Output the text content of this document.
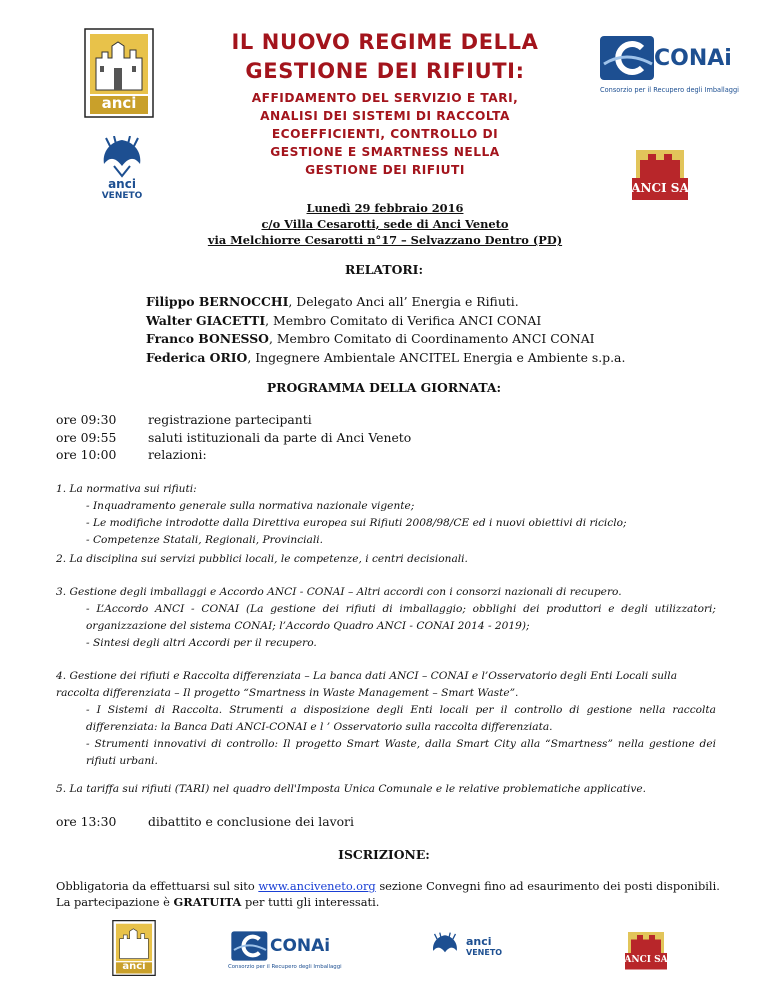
anci
anci
VENETO
CONAi
Consorzio per il Recupero degli Imballaggi
ANCI SA
IL NUOVO REGIME DELLA
GESTIONE DEI RIFIUTI:
AFFIDAMENTO DEL SERVIZIO E TARI,
ANALISI DEI SISTEMI DI RACCOLTA
ECOEFFICIENTI, CONTROLLO DI
GESTIONE E SMARTNESS NELLA
GESTIONE DEI RIFIUTI
Lunedì 29 febbraio 2016
c/o Villa Cesarotti, sede di Anci Veneto
via Melchiorre Cesarotti n°17 – Selvazzano Dentro (PD)
RELATORI:
Filippo BERNOCCHI, Delegato Anci all’ Energia e Rifiuti.
Walter GIACETTI, Membro Comitato di Verifica ANCI CONAI
Franco BONESSO, Membro Comitato di Coordinamento ANCI CONAI
Federica ORIO, Ingegnere Ambientale ANCITEL Energia e Ambiente s.p.a.
PROGRAMMA DELLA GIORNATA:
ore 09:30	registrazione partecipanti
ore 09:55	saluti istituzionali da parte di Anci Veneto
ore 10:00	relazioni:
1. La normativa sui rifiuti:
- Inquadramento generale sulla normativa nazionale vigente;
- Le modifiche introdotte dalla Direttiva europea sui Rifiuti 2008/98/CE ed i nuovi obiettivi di riciclo;
- Competenze Statali, Regionali, Provinciali.
2. La disciplina sui servizi pubblici locali, le competenze, i centri decisionali.
3. Gestione degli imballaggi e Accordo ANCI - CONAI – Altri accordi con i consorzi nazionali di recupero.
- L’Accordo ANCI - CONAI (La gestione dei rifiuti di imballaggio; obblighi dei produttori e degli utilizzatori; organizzazione del sistema CONAI; l’Accordo Quadro ANCI - CONAI 2014 - 2019);
- Sintesi degli altri Accordi per il recupero.
4. Gestione dei rifiuti e Raccolta differenziata – La banca dati ANCI – CONAI e l’Osservatorio degli Enti Locali sulla raccolta differenziata – Il progetto “Smartness in Waste Management – Smart Waste”.
- I Sistemi di Raccolta. Strumenti a disposizione degli Enti locali per il controllo di gestione nella raccolta differenziata: la Banca Dati ANCI-CONAI e l ’ Osservatorio sulla raccolta differenziata.
- Strumenti innovativi di controllo: Il progetto Smart Waste, dalla Smart City alla “Smartness” nella gestione dei rifiuti urbani.
5. La tariffa sui rifiuti (TARI) nel quadro dell'Imposta Unica Comunale e le relative problematiche applicative.
ore 13:30	dibattito e conclusione dei lavori
ISCRIZIONE:
Obbligatoria da effettuarsi sul sito www.anciveneto.org sezione Convegni fino ad esaurimento dei posti disponibili.
La partecipazione è GRATUITA per tutti gli interessati.
anci
CONAi
Consorzio per il Recupero degli Imballaggi
anci
VENETO
ANCI SA
